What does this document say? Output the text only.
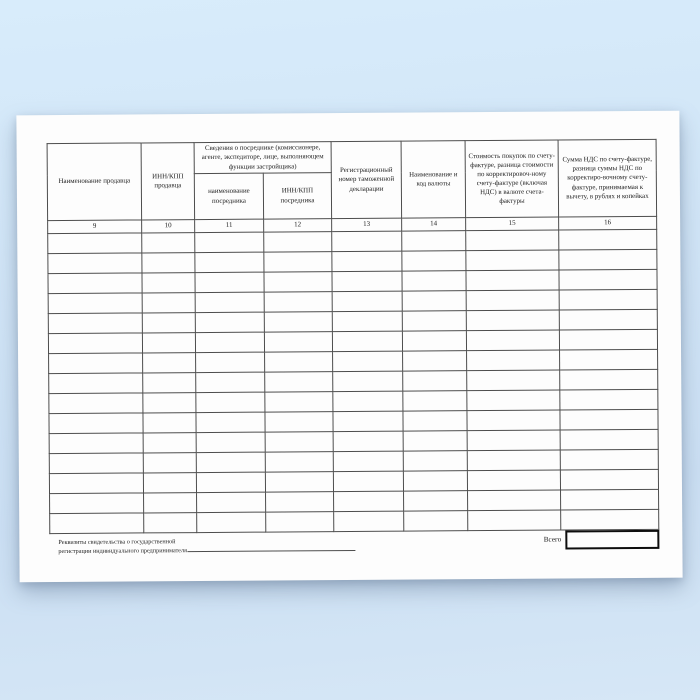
Наименование продавца	ИНН/КПП продавца	Сведения о посреднике (комиссионере, агенте, экспедиторе, лице, выполняющем функции застройщика)		Регистрационный номер таможенной декларации	Наименование и код валюты	Стоимость покупок по счету-фактуре, разница стоимости по корректировоч-ному счету-фактуре (включая НДС) в валюте счета-фактуры	Сумма НДС по счету-фактуре, разница суммы НДС по корректиро-вочному счету-фактуре, принимаемая к вычету, в рублях и копейках
		наименование посредника	ИНН/КПП посредника				
9	10	11	12	13	14	15	16

Всего
Реквизиты свидетельства о государственной
регистрации индивидуального предпринимателя
